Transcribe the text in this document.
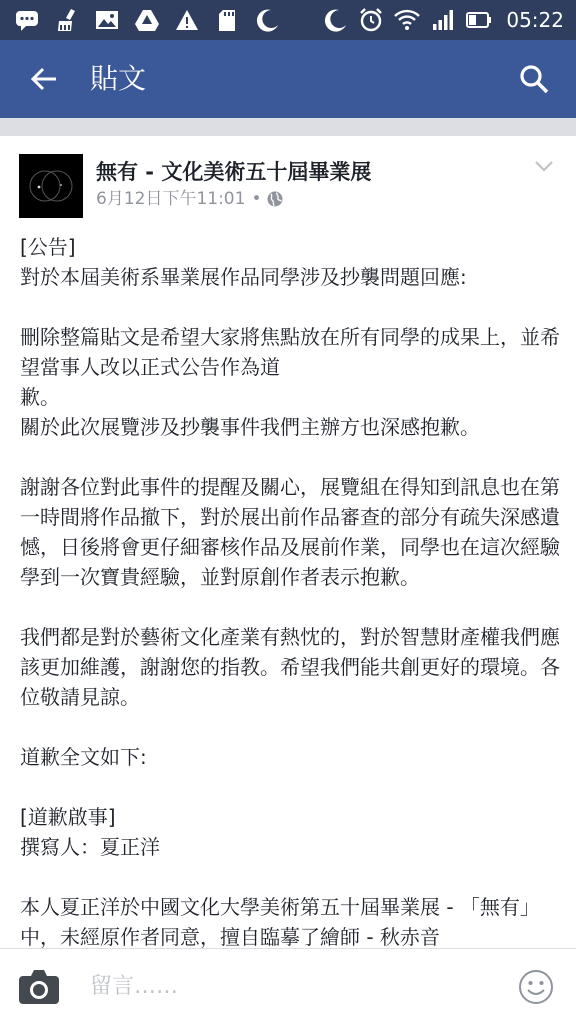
05:22
貼文
無有 - 文化美術五十屆畢業展
6月12日下午11:01 •

[公告]
對於本屆美術系畢業展作品同學涉及抄襲問題回應:

刪除整篇貼文是希望大家將焦點放在所有同學的成果上，並希望當事人改以正式公告作為道
歉。
關於此次展覽涉及抄襲事件我們主辦方也深感抱歉。

謝謝各位對此事件的提醒及關心，展覽組在得知到訊息也在第一時間將作品撤下，對於展出前作品審查的部分有疏失深感遺憾，日後將會更仔細審核作品及展前作業，同學也在這次經驗學到一次寶貴經驗，並對原創作者表示抱歉。

我們都是對於藝術文化產業有熱忱的，對於智慧財產權我們應該更加維護，謝謝您的指教。希望我們能共創更好的環境。各位敬請見諒。

道歉全文如下:

[道歉啟事]
撰寫人：夏正洋

本人夏正洋於中國文化大學美術第五十屆畢業展 - 「無有」中，未經原作者同意，擅自臨摹了繪師 - 秋赤音

留言……
